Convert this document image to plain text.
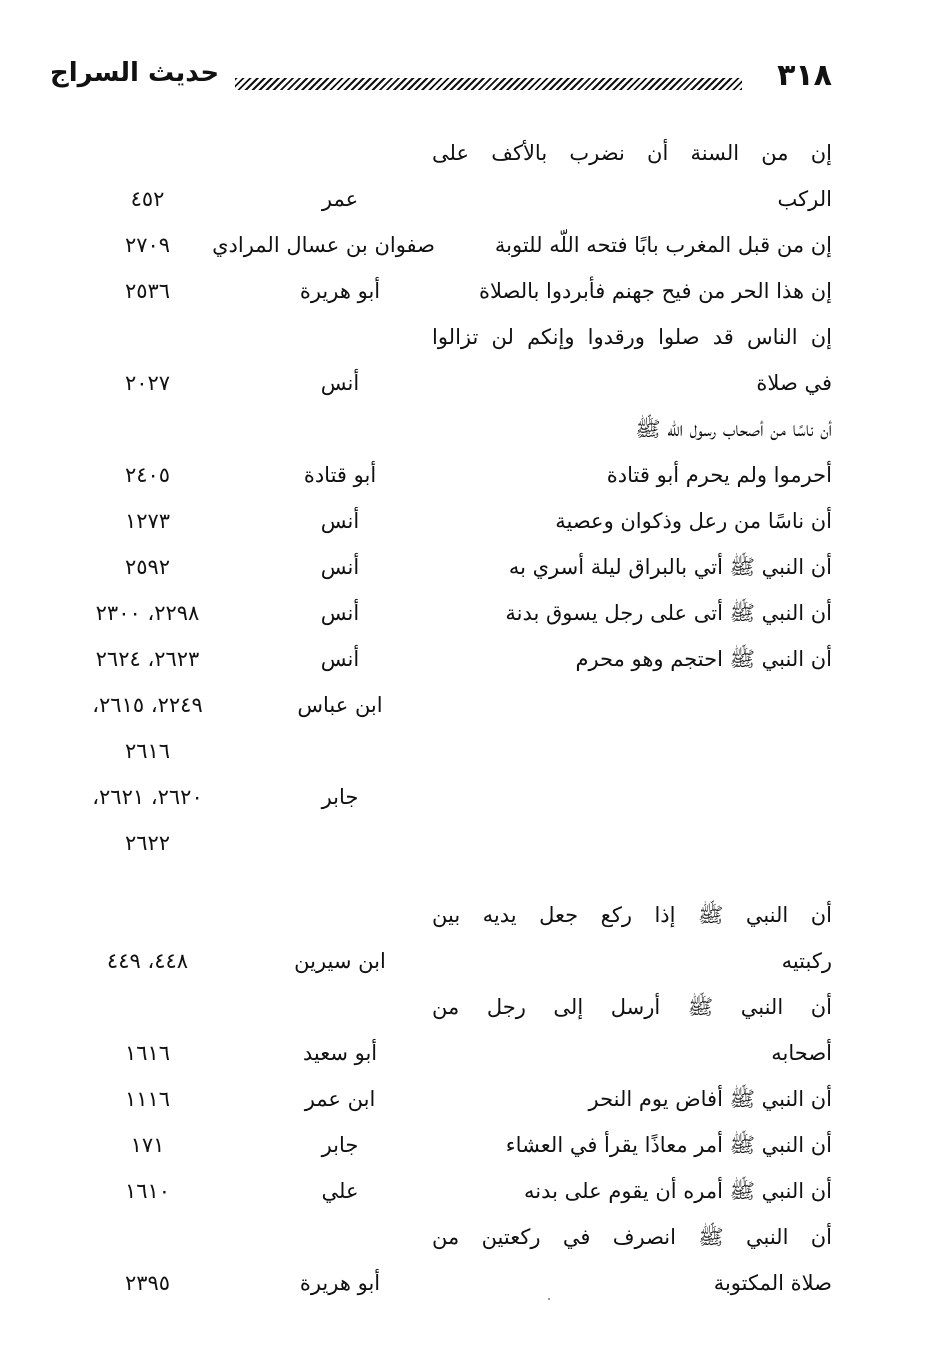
٣١٨
حديث السراج
إن من السنة أن نضرب بالأكف على
الركب
عمر
٤٥٢
إن من قبل المغرب بابًا فتحه اللّه للتوبة
صفوان بن عسال المرادي
٢٧٠٩
إن هذا الحر من فيح جهنم فأبردوا بالصلاة
أبو هريرة
٢٥٣٦
إن الناس قد صلوا ورقدوا وإنكم لن تزالوا
في صلاة
أنس
٢٠٢٧
أن ناسًا من أصحاب رسول اللّه ﷺ
أحرموا ولم يحرم أبو قتادة
أبو قتادة
٢٤٠٥
أن ناسًا من رعل وذكوان وعصية
أنس
١٢٧٣
أن النبي ﷺ أتي بالبراق ليلة أسري به
أنس
٢٥٩٢
أن النبي ﷺ أتى على رجل يسوق بدنة
أنس
٢٢٩٨، ٢٣٠٠
أن النبي ﷺ احتجم وهو محرم
أنس
٢٦٢٣، ٢٦٢٤
ابن عباس
٢٢٤٩، ٢٦١٥،
٢٦١٦
جابر
٢٦٢٠، ٢٦٢١،
٢٦٢٢
أن النبي ﷺ إذا ركع جعل يديه بين
ركبتيه
ابن سيرين
٤٤٨، ٤٤٩
أن النبي ﷺ أرسل إلى رجل من
أصحابه
أبو سعيد
١٦١٦
أن النبي ﷺ أفاض يوم النحر
ابن عمر
١١١٦
أن النبي ﷺ أمر معاذًا يقرأ في العشاء
جابر
١٧١
أن النبي ﷺ أمره أن يقوم على بدنه
علي
١٦١٠
أن النبي ﷺ انصرف في ركعتين من
صلاة المكتوبة
أبو هريرة
٢٣٩٥
